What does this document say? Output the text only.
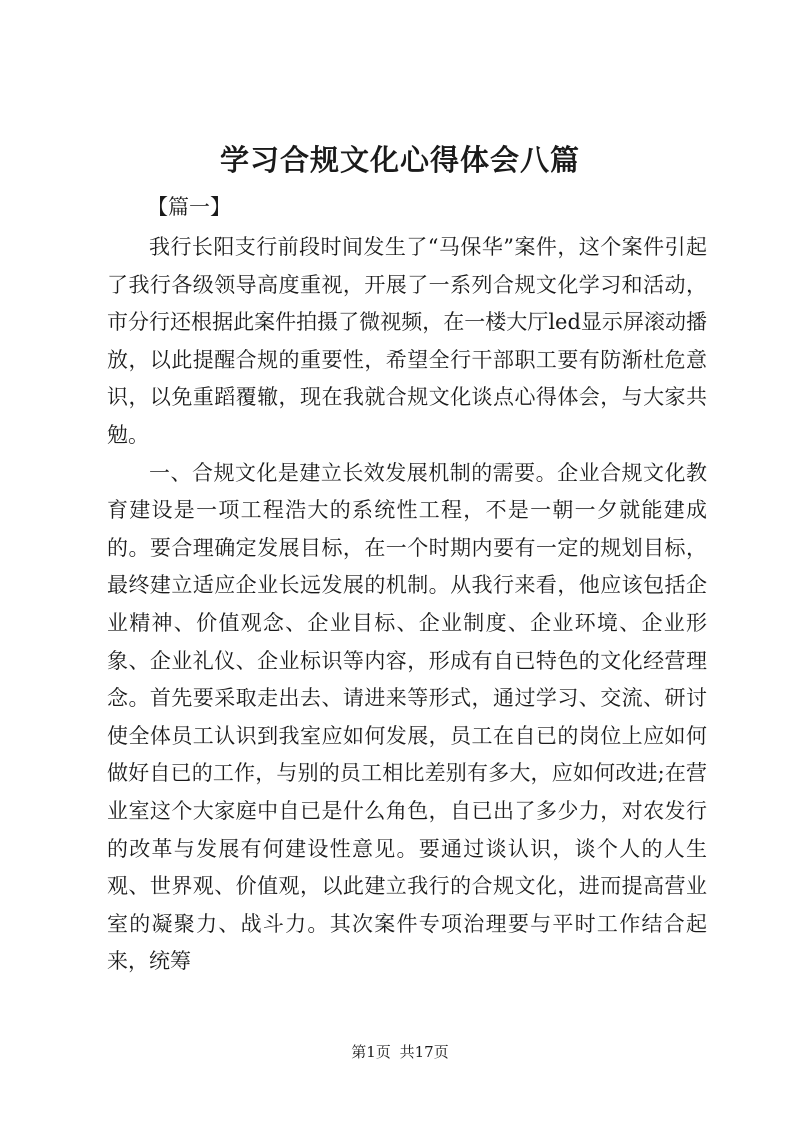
学习合规文化心得体会八篇
【篇一】

我行长阳支行前段时间发生了“马保华”案件，这个案件引起了我行各级领导高度重视，开展了一系列合规文化学习和活动，市分行还根据此案件拍摄了微视频，在一楼大厅led显示屏滚动播放，以此提醒合规的重要性，希望全行干部职工要有防渐杜危意识，以免重蹈覆辙，现在我就合规文化谈点心得体会，与大家共勉。

一、合规文化是建立长效发展机制的需要。企业合规文化教育建设是一项工程浩大的系统性工程，不是一朝一夕就能建成的。要合理确定发展目标，在一个时期内要有一定的规划目标，最终建立适应企业长远发展的机制。从我行来看，他应该包括企业精神、价值观念、企业目标、企业制度、企业环境、企业形象、企业礼仪、企业标识等内容，形成有自已特色的文化经营理念。首先要采取走出去、请进来等形式，通过学习、交流、研讨使全体员工认识到我室应如何发展，员工在自已的岗位上应如何做好自已的工作，与别的员工相比差别有多大，应如何改进;在营业室这个大家庭中自已是什么角色，自已出了多少力，对农发行的改革与发展有何建设性意见。要通过谈认识，谈个人的人生观、世界观、价值观，以此建立我行的合规文化，进而提高营业室的凝聚力、战斗力。其次案件专项治理要与平时工作结合起来，统筹

第1页 共17页
